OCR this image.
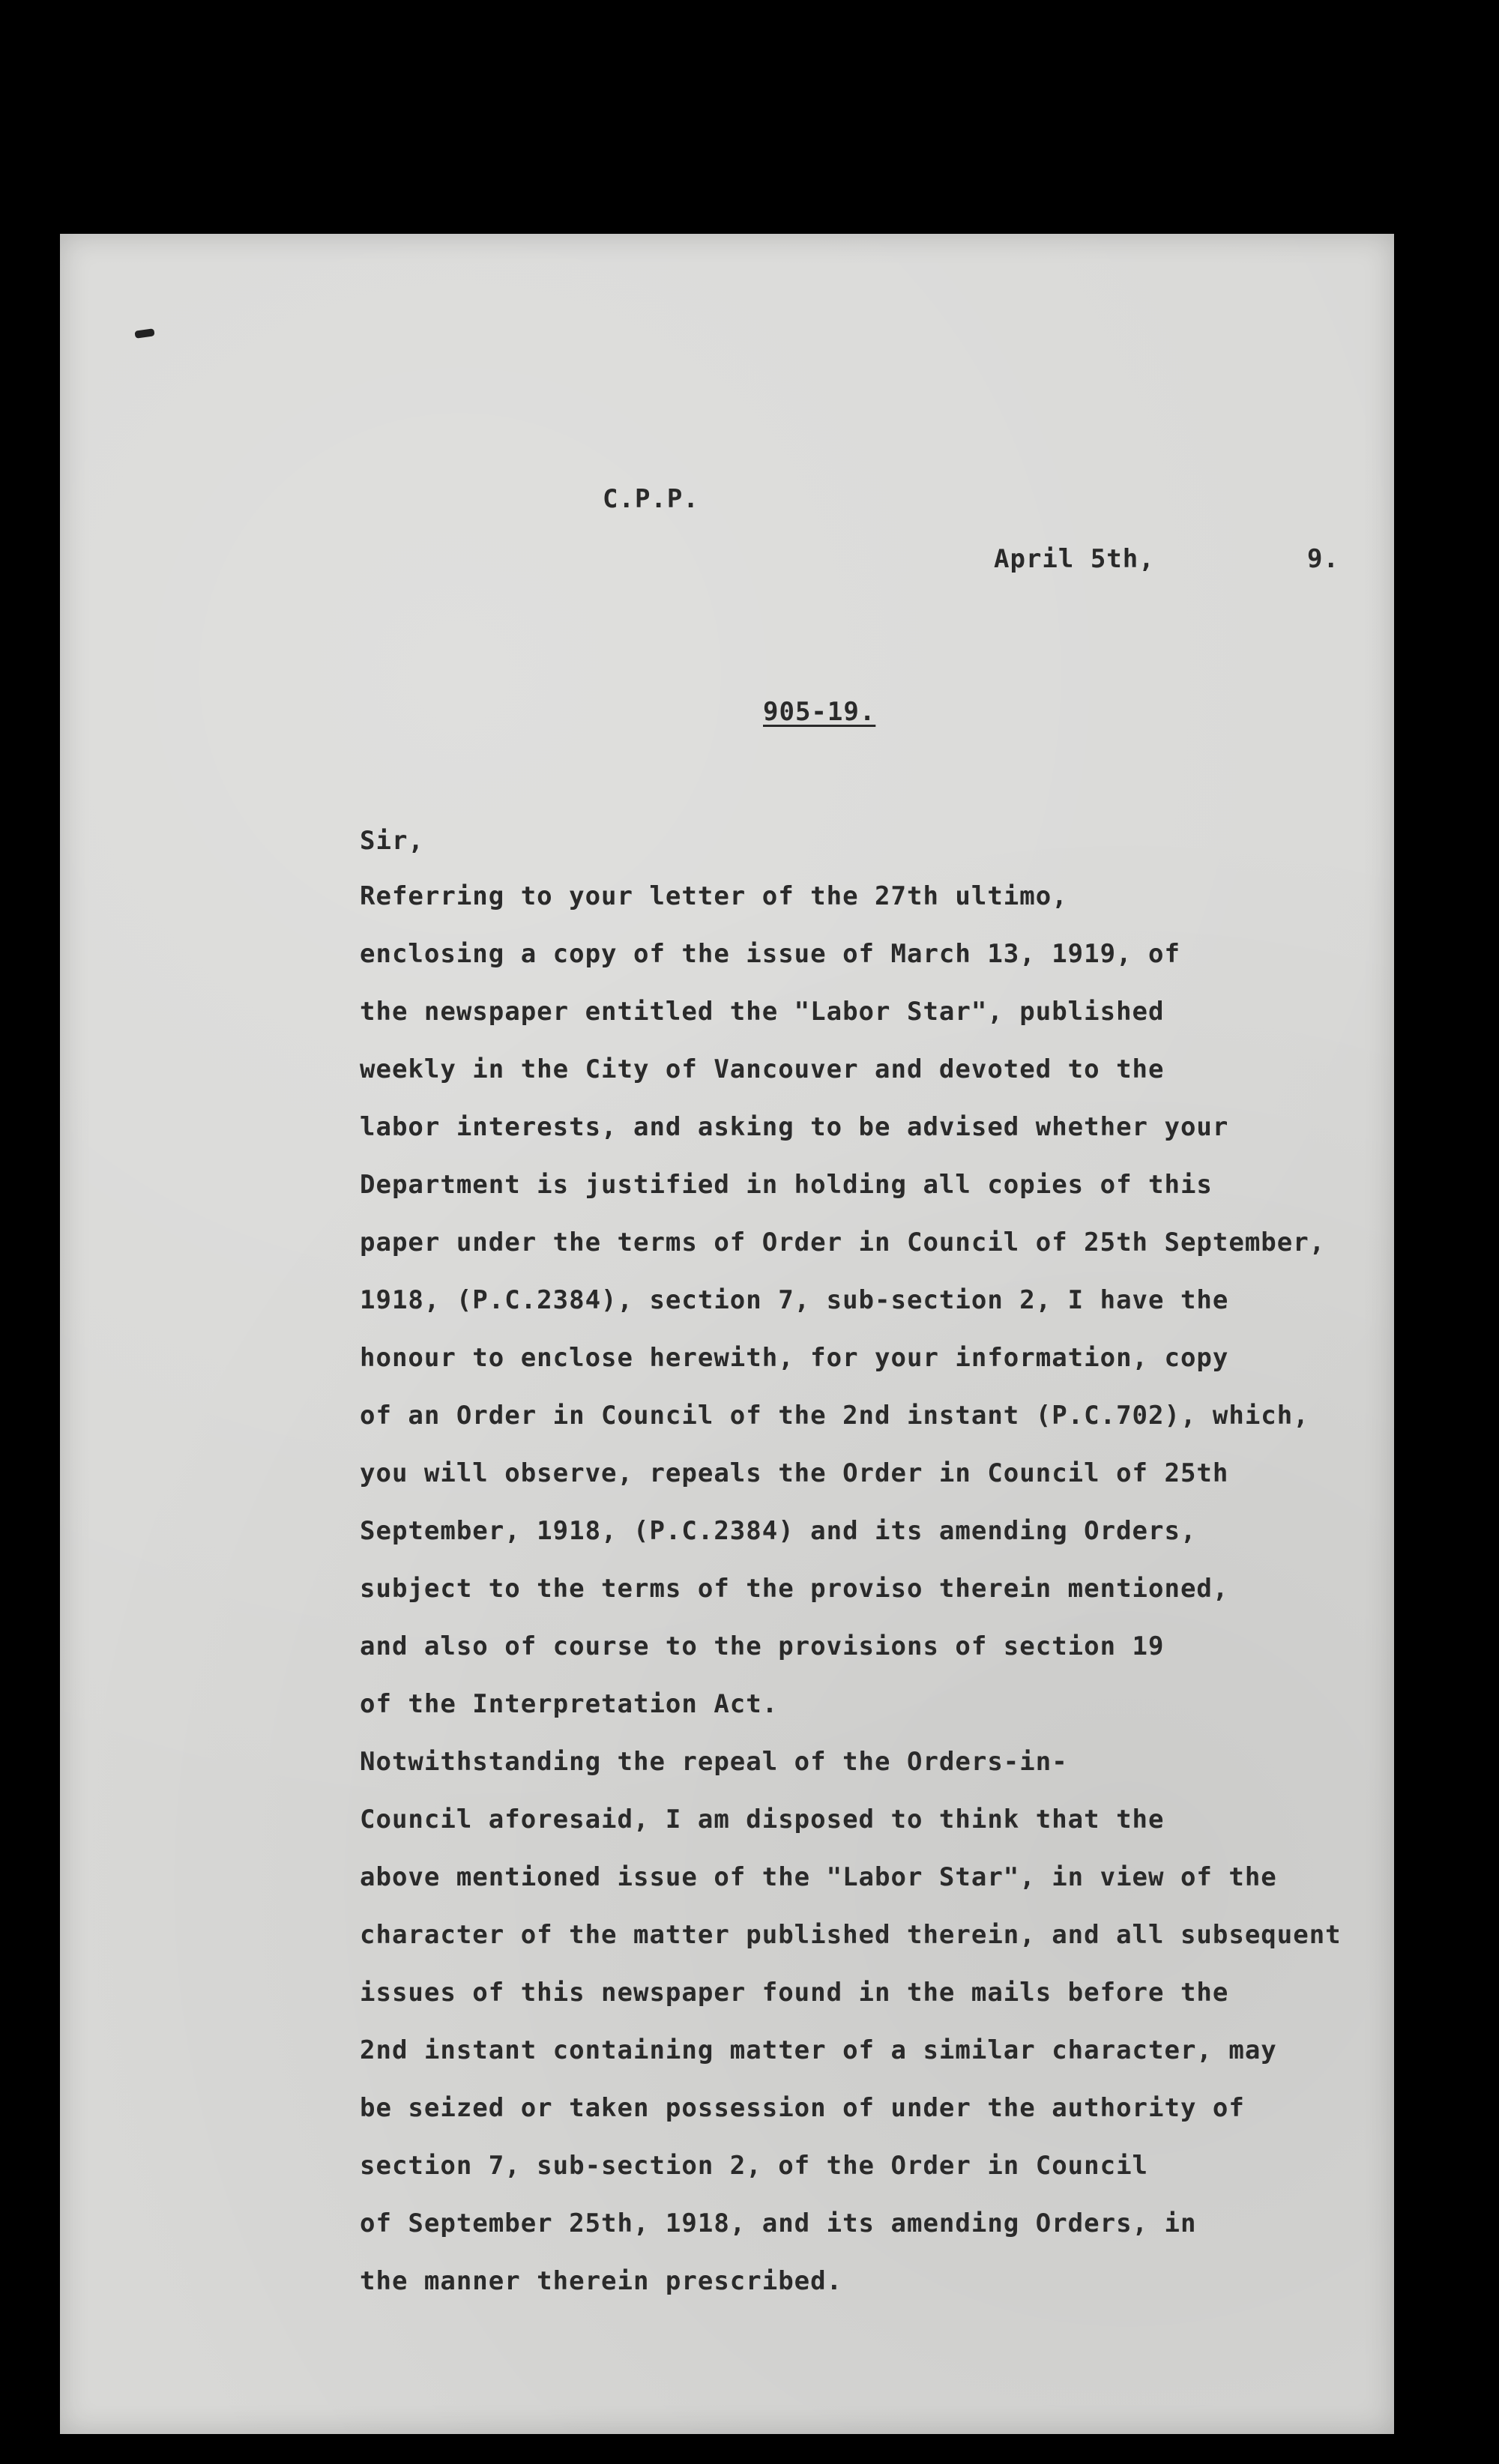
C.P.P.

April 5th,	9.

905-19.

Sir,

Referring to your letter of the 27th ultimo,

enclosing a copy of the issue of March 13, 1919, of

the newspaper entitled the "Labor Star", published

weekly in the City of Vancouver and devoted to the

labor interests, and asking to be advised whether your

Department is justified in holding all copies of this

paper under the terms of Order in Council of 25th September,

1918, (P.C.2384), section 7, sub-section 2, I have the

honour to enclose herewith, for your information, copy

of an Order in Council of the 2nd instant (P.C.702), which,

you will observe, repeals the Order in Council of 25th

September, 1918, (P.C.2384) and its amending Orders,

subject to the terms of the proviso therein mentioned,

and also of course to the provisions of section 19

of the Interpretation Act.

Notwithstanding the repeal of the Orders-in-

Council aforesaid, I am disposed to think that the

above mentioned issue of the "Labor Star", in view of the

character of the matter published therein, and all subsequent

issues of this newspaper found in the mails before the

2nd instant containing matter of a similar character, may

be seized or taken possession of under the authority of

section 7, sub-section 2, of the Order in Council

of September 25th, 1918, and its amending Orders, in

the manner therein prescribed.
